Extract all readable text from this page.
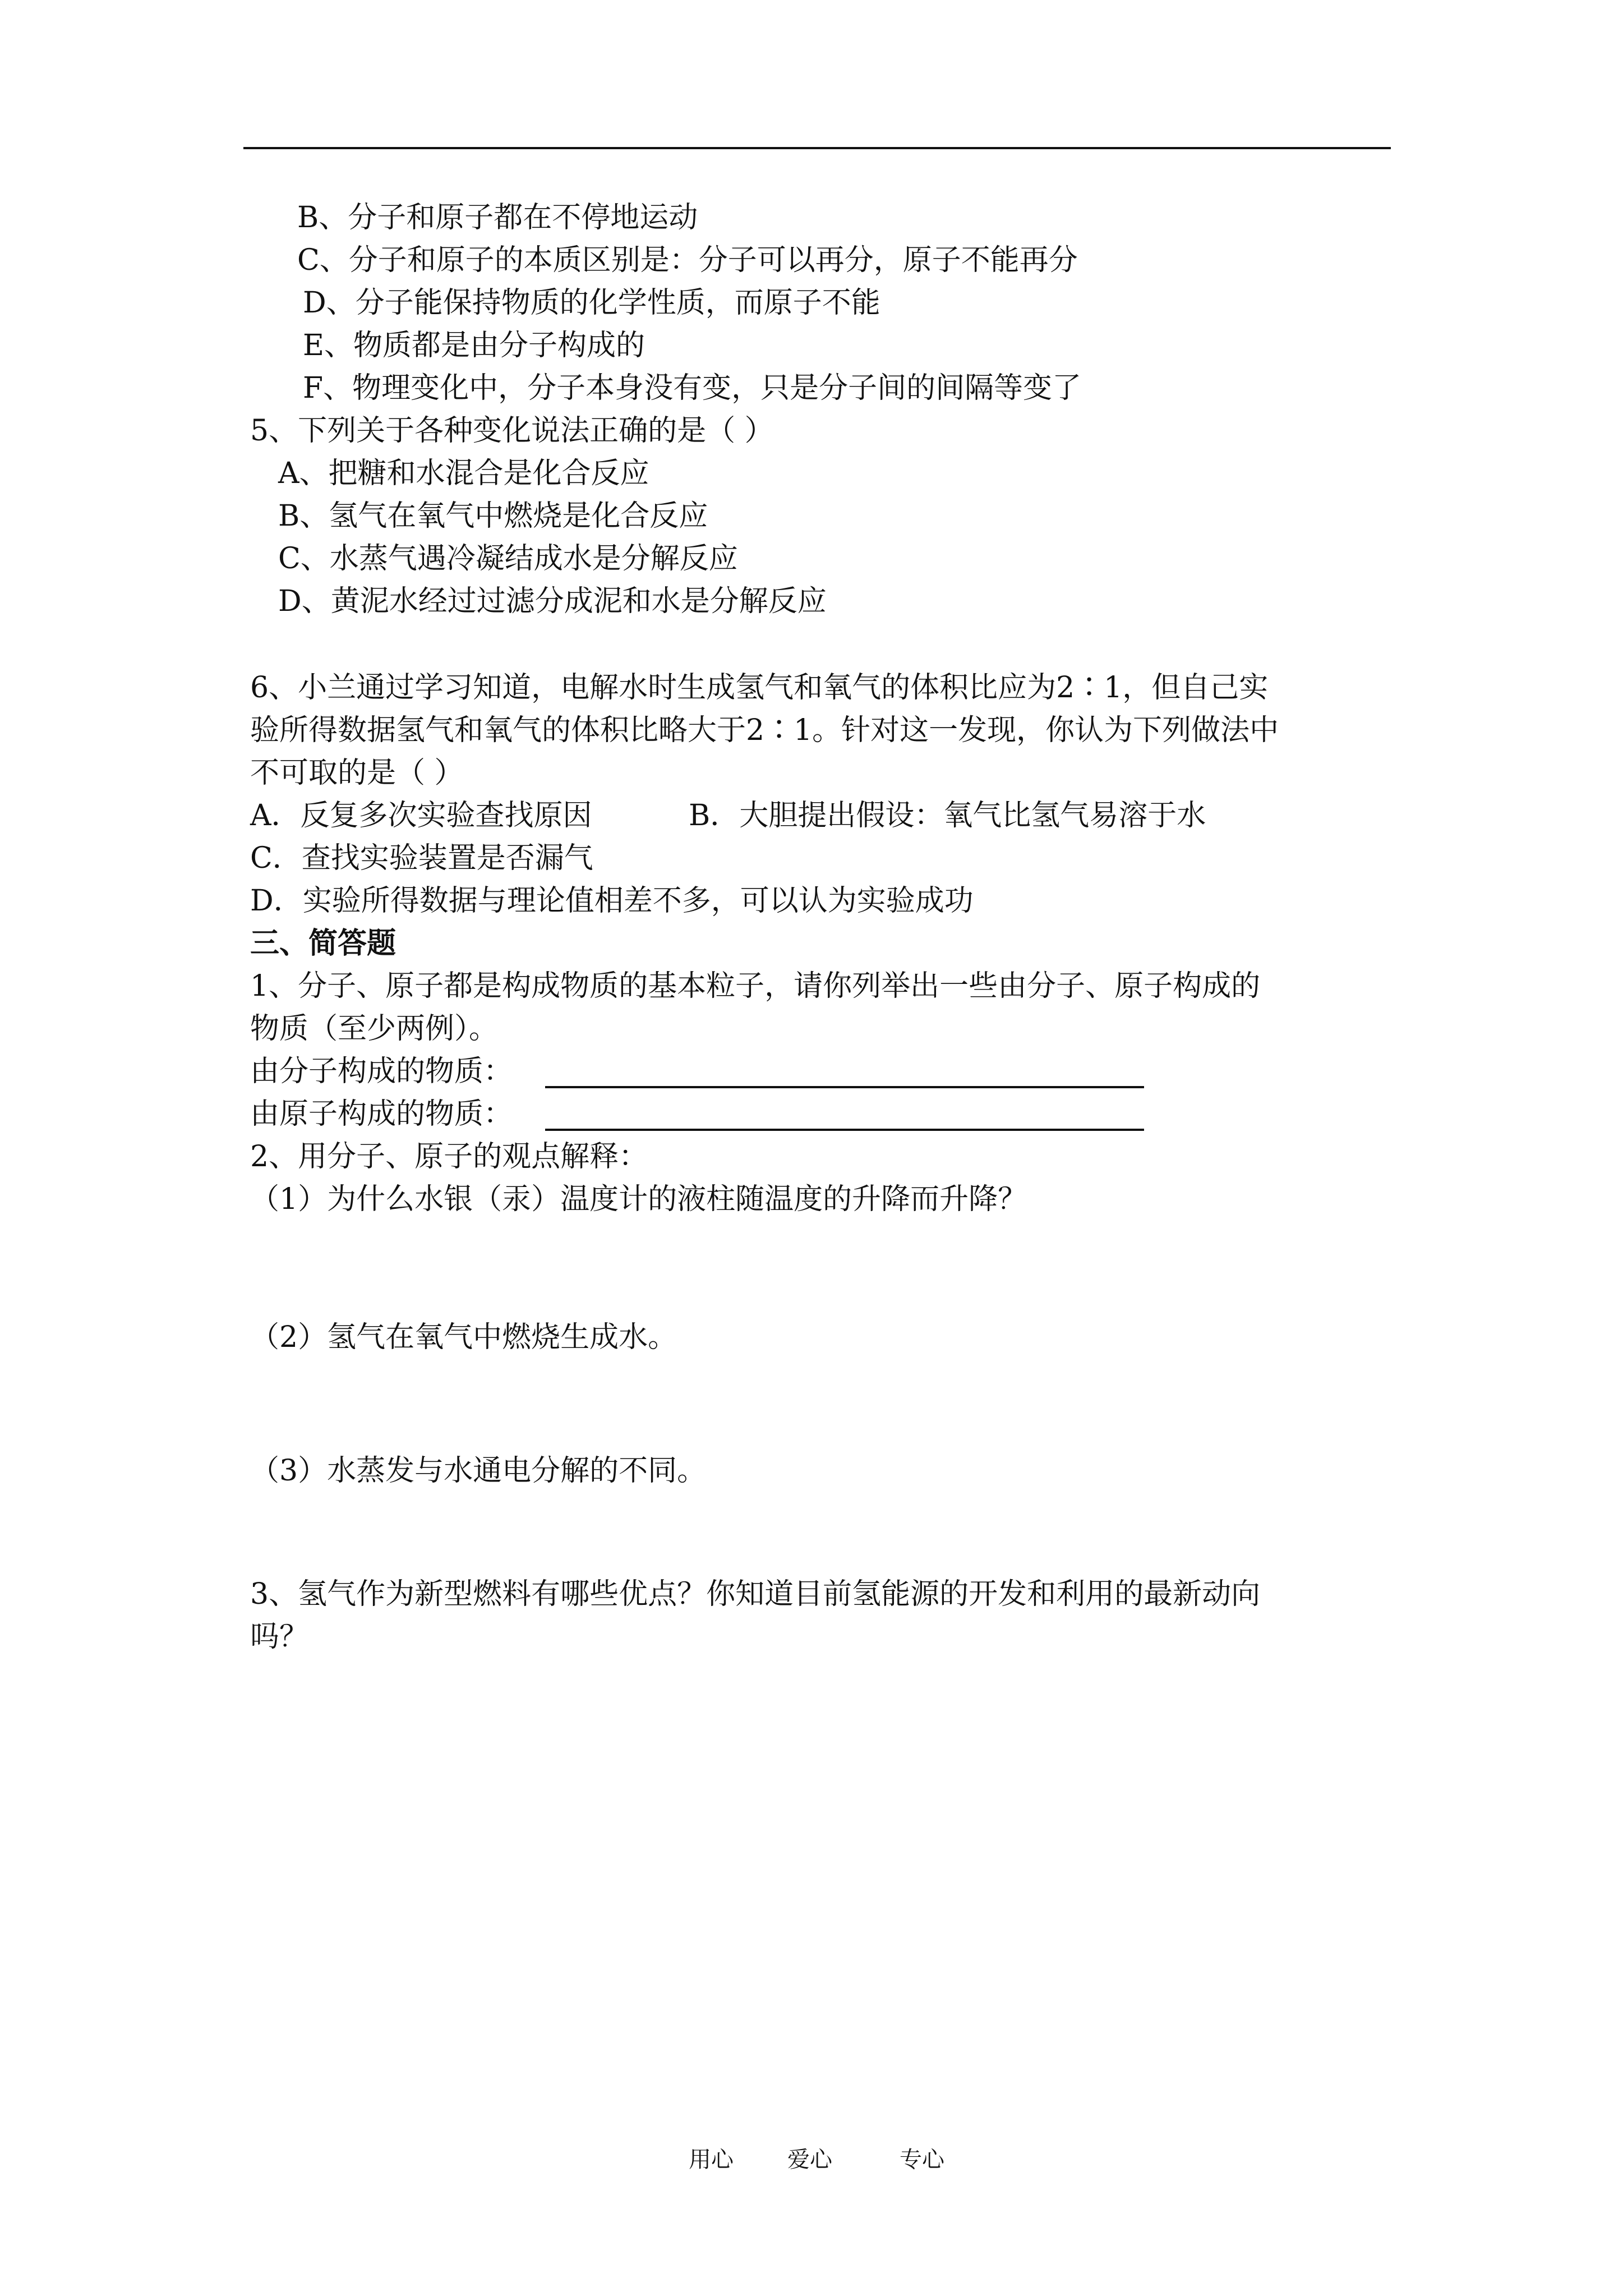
B、分子和原子都在不停地运动
C、分子和原子的本质区别是：分子可以再分，原子不能再分
D、分子能保持物质的化学性质，而原子不能
E、物质都是由分子构成的
F、物理变化中，分子本身没有变，只是分子间的间隔等变了
5、下列关于各种变化说法正确的是（ ）
A、把糖和水混合是化合反应
B、氢气在氧气中燃烧是化合反应
C、水蒸气遇冷凝结成水是分解反应
D、黄泥水经过过滤分成泥和水是分解反应
6、小兰通过学习知道，电解水时生成氢气和氧气的体积比应为2∶1，但自己实
验所得数据氢气和氧气的体积比略大于2∶1。针对这一发现，你认为下列做法中
不可取的是（ ）
A．反复多次实验查找原因	B．大胆提出假设：氧气比氢气易溶于水
C．查找实验装置是否漏气
D．实验所得数据与理论值相差不多，可以认为实验成功
三、简答题
1、分子、原子都是构成物质的基本粒子，请你列举出一些由分子、原子构成的
物质（至少两例）。
由分子构成的物质：
由原子构成的物质：
2、用分子、原子的观点解释：
（1）为什么水银（汞）温度计的液柱随温度的升降而升降？
（2）氢气在氧气中燃烧生成水。
（3）水蒸发与水通电分解的不同。
3、氢气作为新型燃料有哪些优点？你知道目前氢能源的开发和利用的最新动向
吗？
用心 爱心	专心
